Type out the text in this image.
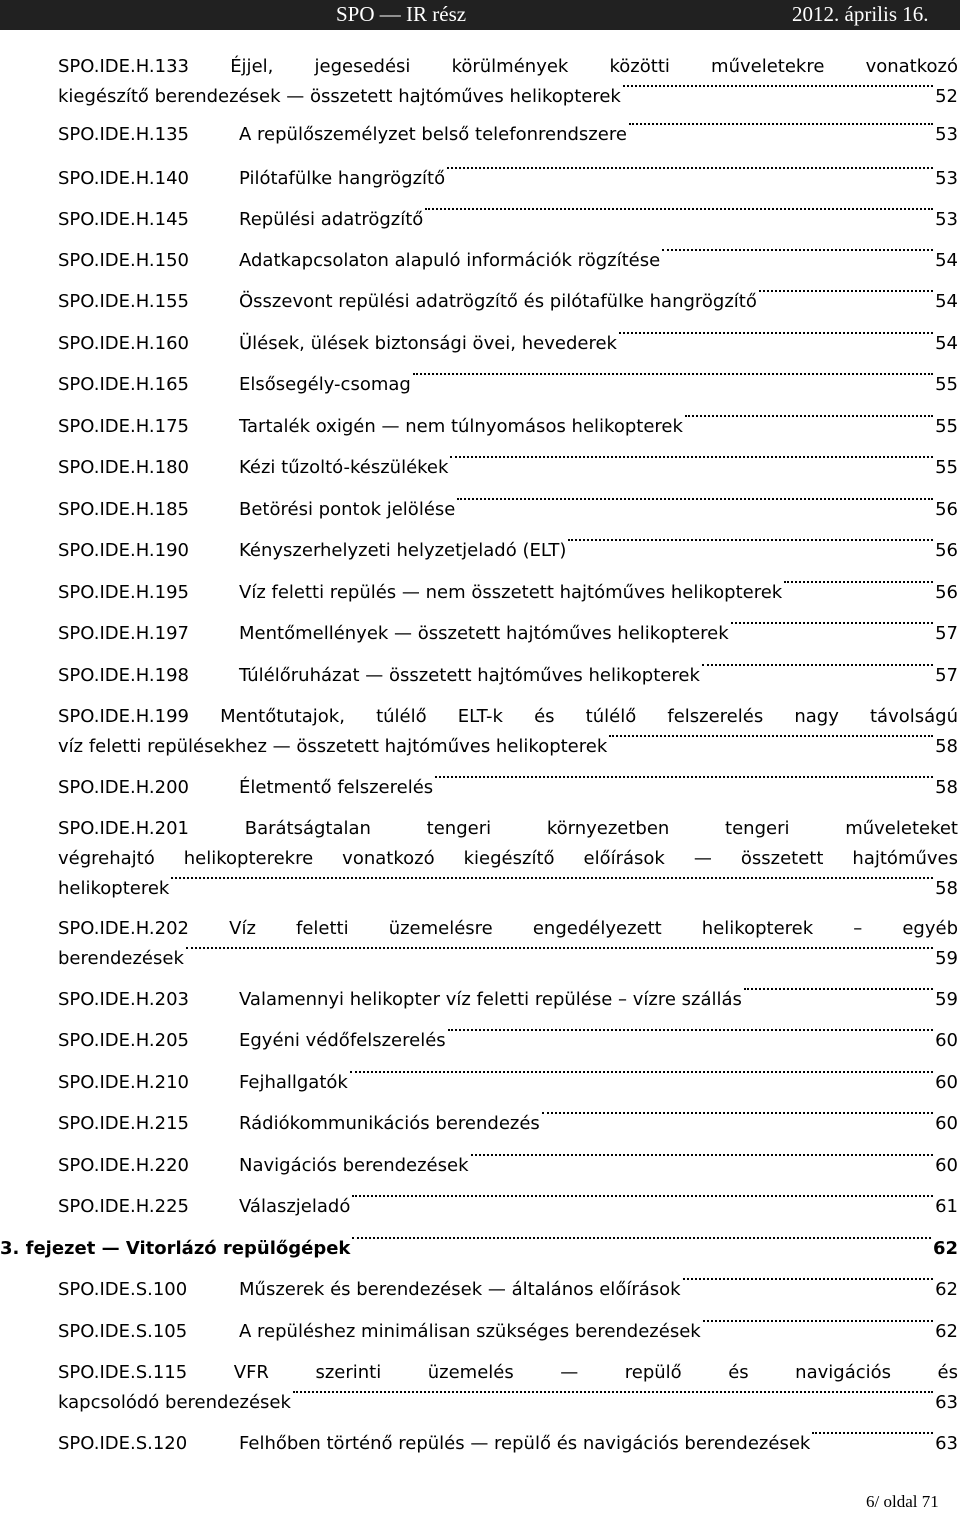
SPO — IR rész	2012. április 16.
SPO.IDE.H.133 Éjjel, jegesedési körülmények közötti műveletekre vonatkozó
kiegészítő berendezések — összetett hajtóműves helikopterek	52
SPO.IDE.H.135	A repülőszemélyzet belső telefonrendszere	53
SPO.IDE.H.140	Pilótafülke hangrögzítő	53
SPO.IDE.H.145	Repülési adatrögzítő	53
SPO.IDE.H.150	Adatkapcsolaton alapuló információk rögzítése	54
SPO.IDE.H.155	Összevont repülési adatrögzítő és pilótafülke hangrögzítő	54
SPO.IDE.H.160	Ülések, ülések biztonsági övei, hevederek	54
SPO.IDE.H.165	Elsősegély-csomag	55
SPO.IDE.H.175	Tartalék oxigén — nem túlnyomásos helikopterek	55
SPO.IDE.H.180	Kézi tűzoltó-készülékek	55
SPO.IDE.H.185	Betörési pontok jelölése	56
SPO.IDE.H.190	Kényszerhelyzeti helyzetjeladó (ELT)	56
SPO.IDE.H.195	Víz feletti repülés — nem összetett hajtóműves helikopterek	56
SPO.IDE.H.197	Mentőmellények — összetett hajtóműves helikopterek	57
SPO.IDE.H.198	Túlélőruházat — összetett hajtóműves helikopterek	57
SPO.IDE.H.199 Mentőtutajok, túlélő ELT-k és túlélő felszerelés nagy távolságú
víz feletti repülésekhez — összetett hajtóműves helikopterek	58
SPO.IDE.H.200	Életmentő felszerelés	58
SPO.IDE.H.201	Barátságtalan tengeri környezetben tengeri műveleteket
végrehajtó helikopterekre vonatkozó kiegészítő előírások — összetett hajtóműves
helikopterek	58
SPO.IDE.H.202 Víz feletti üzemelésre engedélyezett helikopterek – egyéb
berendezések	59
SPO.IDE.H.203	Valamennyi helikopter víz feletti repülése – vízre szállás	59
SPO.IDE.H.205	Egyéni védőfelszerelés	60
SPO.IDE.H.210	Fejhallgatók	60
SPO.IDE.H.215	Rádiókommunikációs berendezés	60
SPO.IDE.H.220	Navigációs berendezések	60
SPO.IDE.H.225	Válaszjeladó	61
3. fejezet — Vitorlázó repülőgépek	62
SPO.IDE.S.100	Műszerek és berendezések — általános előírások	62
SPO.IDE.S.105	A repüléshez minimálisan szükséges berendezések	62
SPO.IDE.S.115	VFR szerinti üzemelés — repülő és navigációs és
kapcsolódó berendezések	63
SPO.IDE.S.120	Felhőben történő repülés — repülő és navigációs berendezések	63
6/ oldal 71
